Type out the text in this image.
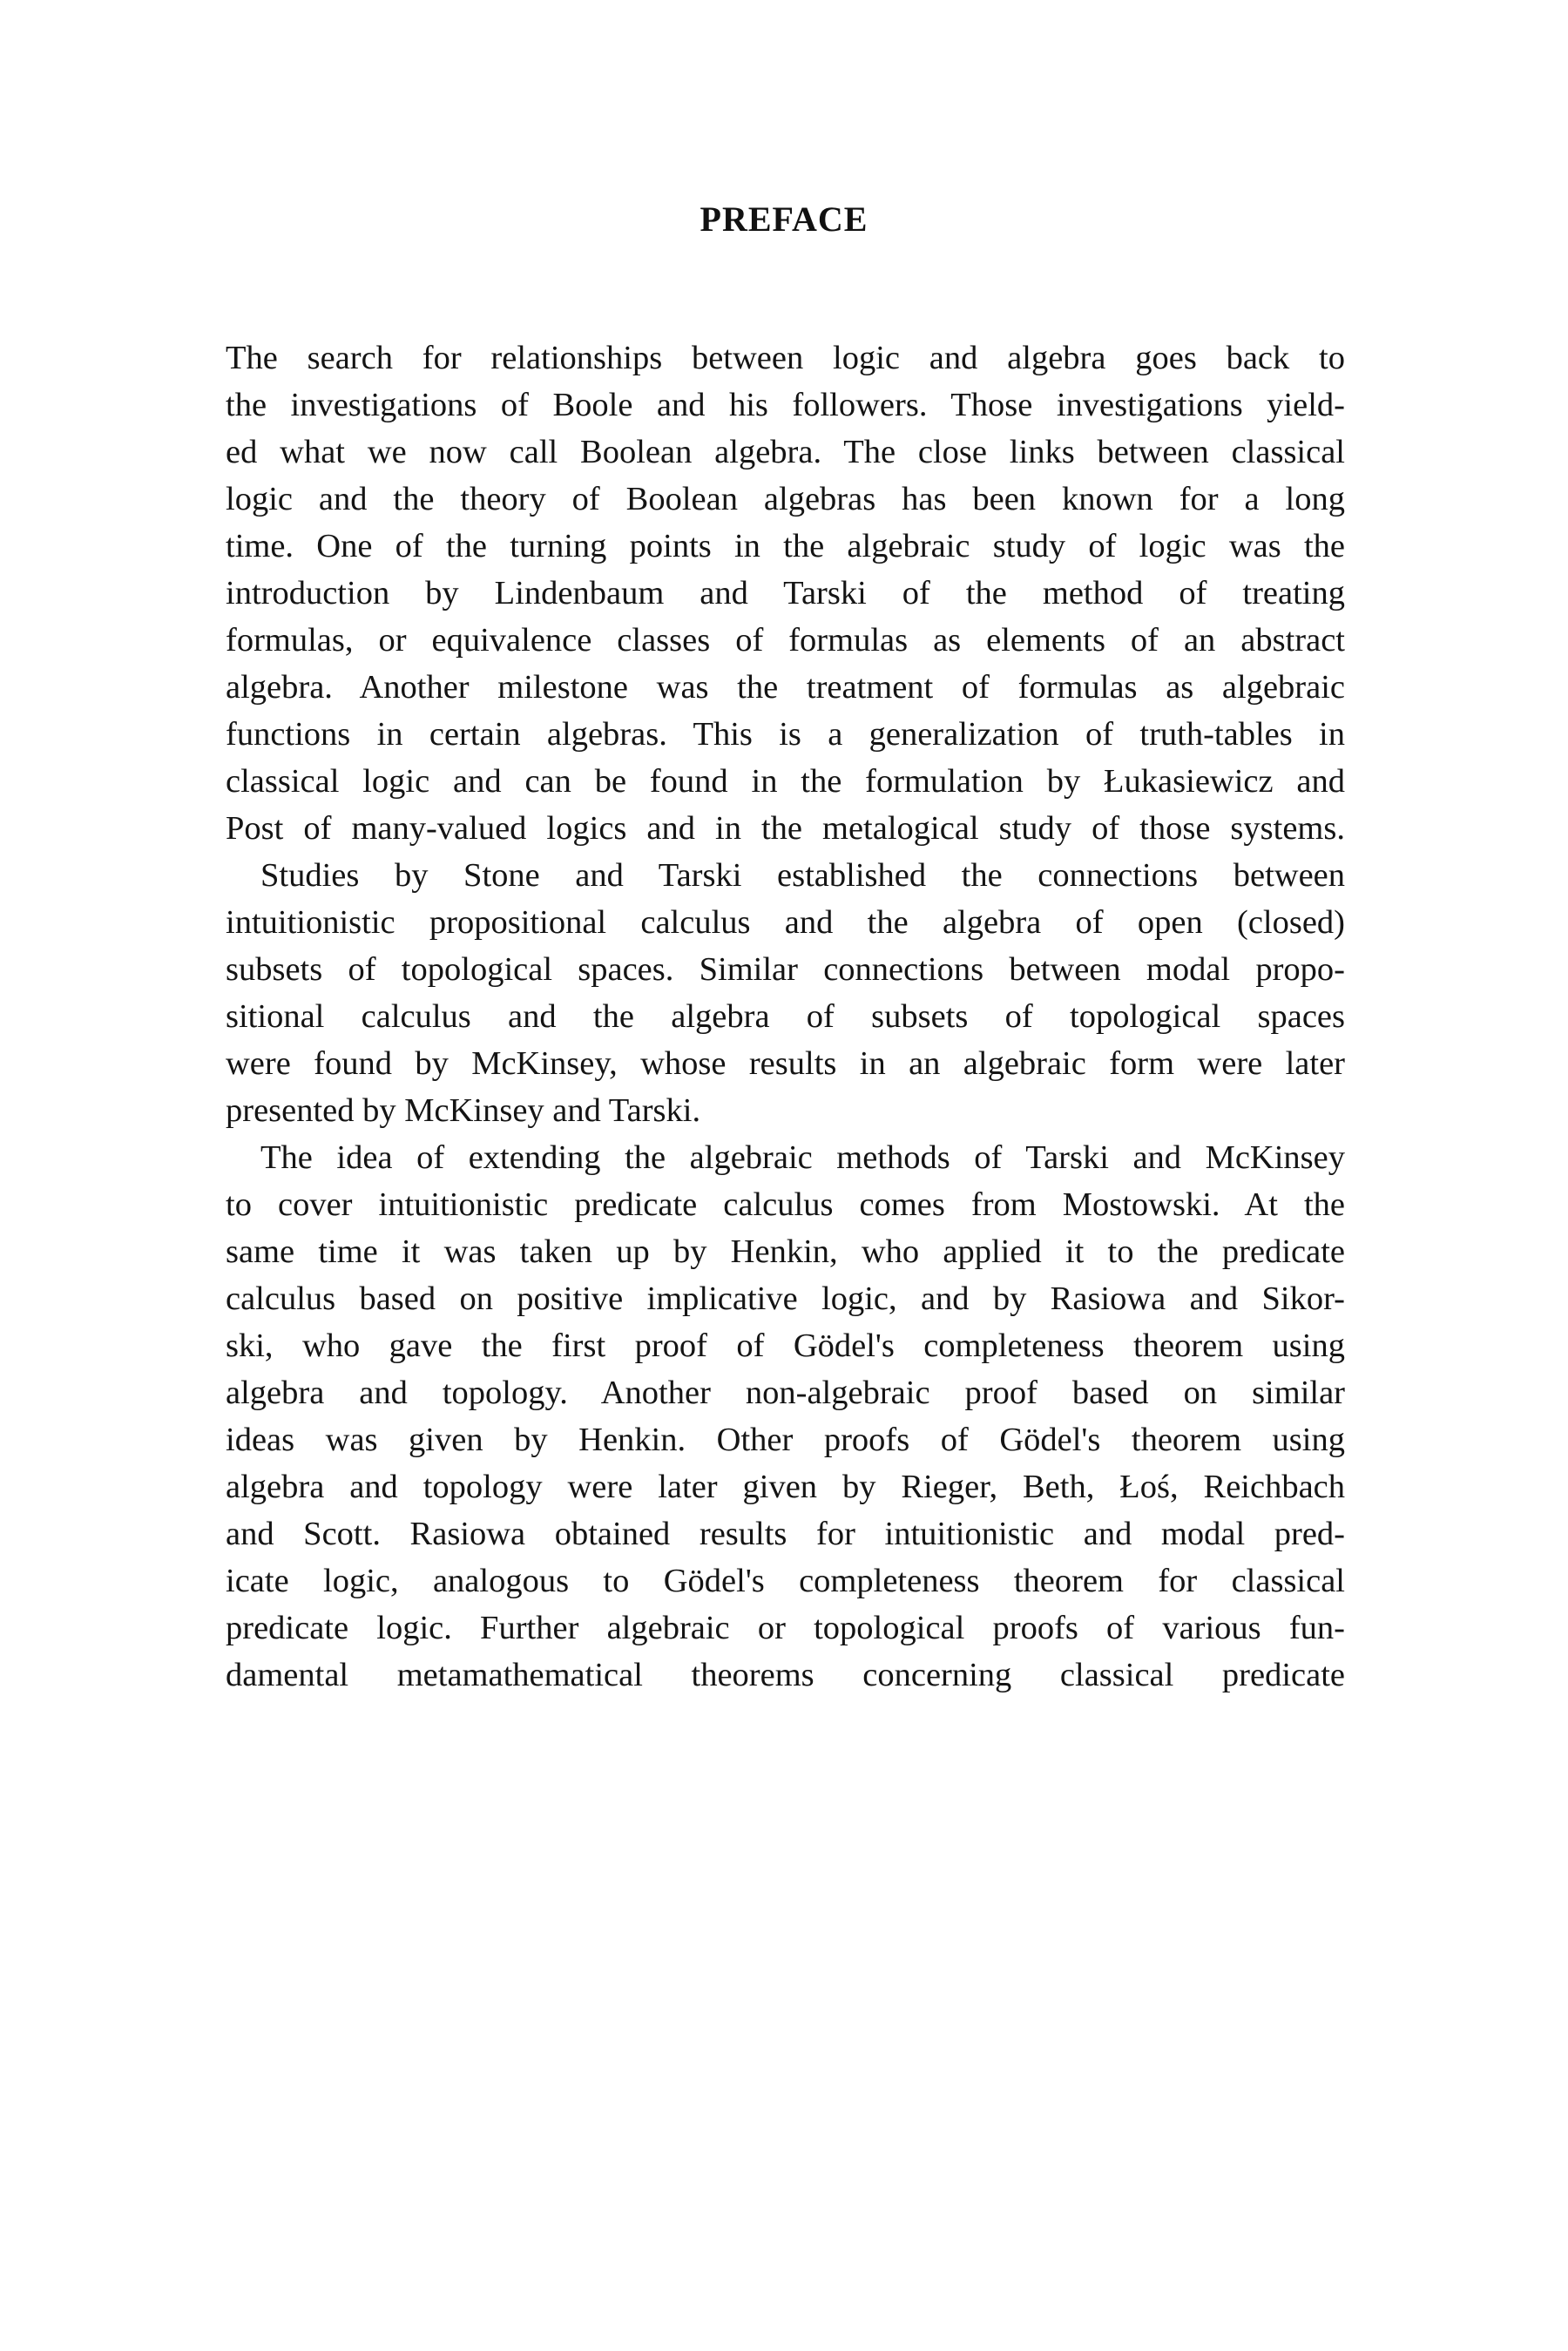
PREFACE
The search for relationships between logic and algebra goes back to
the investigations of Boole and his followers. Those investigations yield-
ed what we now call Boolean algebra. The close links between classical
logic and the theory of Boolean algebras has been known for a long
time. One of the turning points in the algebraic study of logic was the
introduction by Lindenbaum and Tarski of the method of treating
formulas, or equivalence classes of formulas as elements of an abstract
algebra. Another milestone was the treatment of formulas as algebraic
functions in certain algebras. This is a generalization of truth-tables in
classical logic and can be found in the formulation by Łukasiewicz and
Post of many-valued logics and in the metalogical study of those systems.
Studies by Stone and Tarski established the connections between
intuitionistic propositional calculus and the algebra of open (closed)
subsets of topological spaces. Similar connections between modal propo-
sitional calculus and the algebra of subsets of topological spaces
were found by McKinsey, whose results in an algebraic form were later
presented by McKinsey and Tarski.
The idea of extending the algebraic methods of Tarski and McKinsey
to cover intuitionistic predicate calculus comes from Mostowski. At the
same time it was taken up by Henkin, who applied it to the predicate
calculus based on positive implicative logic, and by Rasiowa and Sikor-
ski, who gave the first proof of Gödel's completeness theorem using
algebra and topology. Another non-algebraic proof based on similar
ideas was given by Henkin. Other proofs of Gödel's theorem using
algebra and topology were later given by Rieger, Beth, Łoś, Reichbach
and Scott. Rasiowa obtained results for intuitionistic and modal pred-
icate logic, analogous to Gödel's completeness theorem for classical
predicate logic. Further algebraic or topological proofs of various fun-
damental metamathematical theorems concerning classical predicate
